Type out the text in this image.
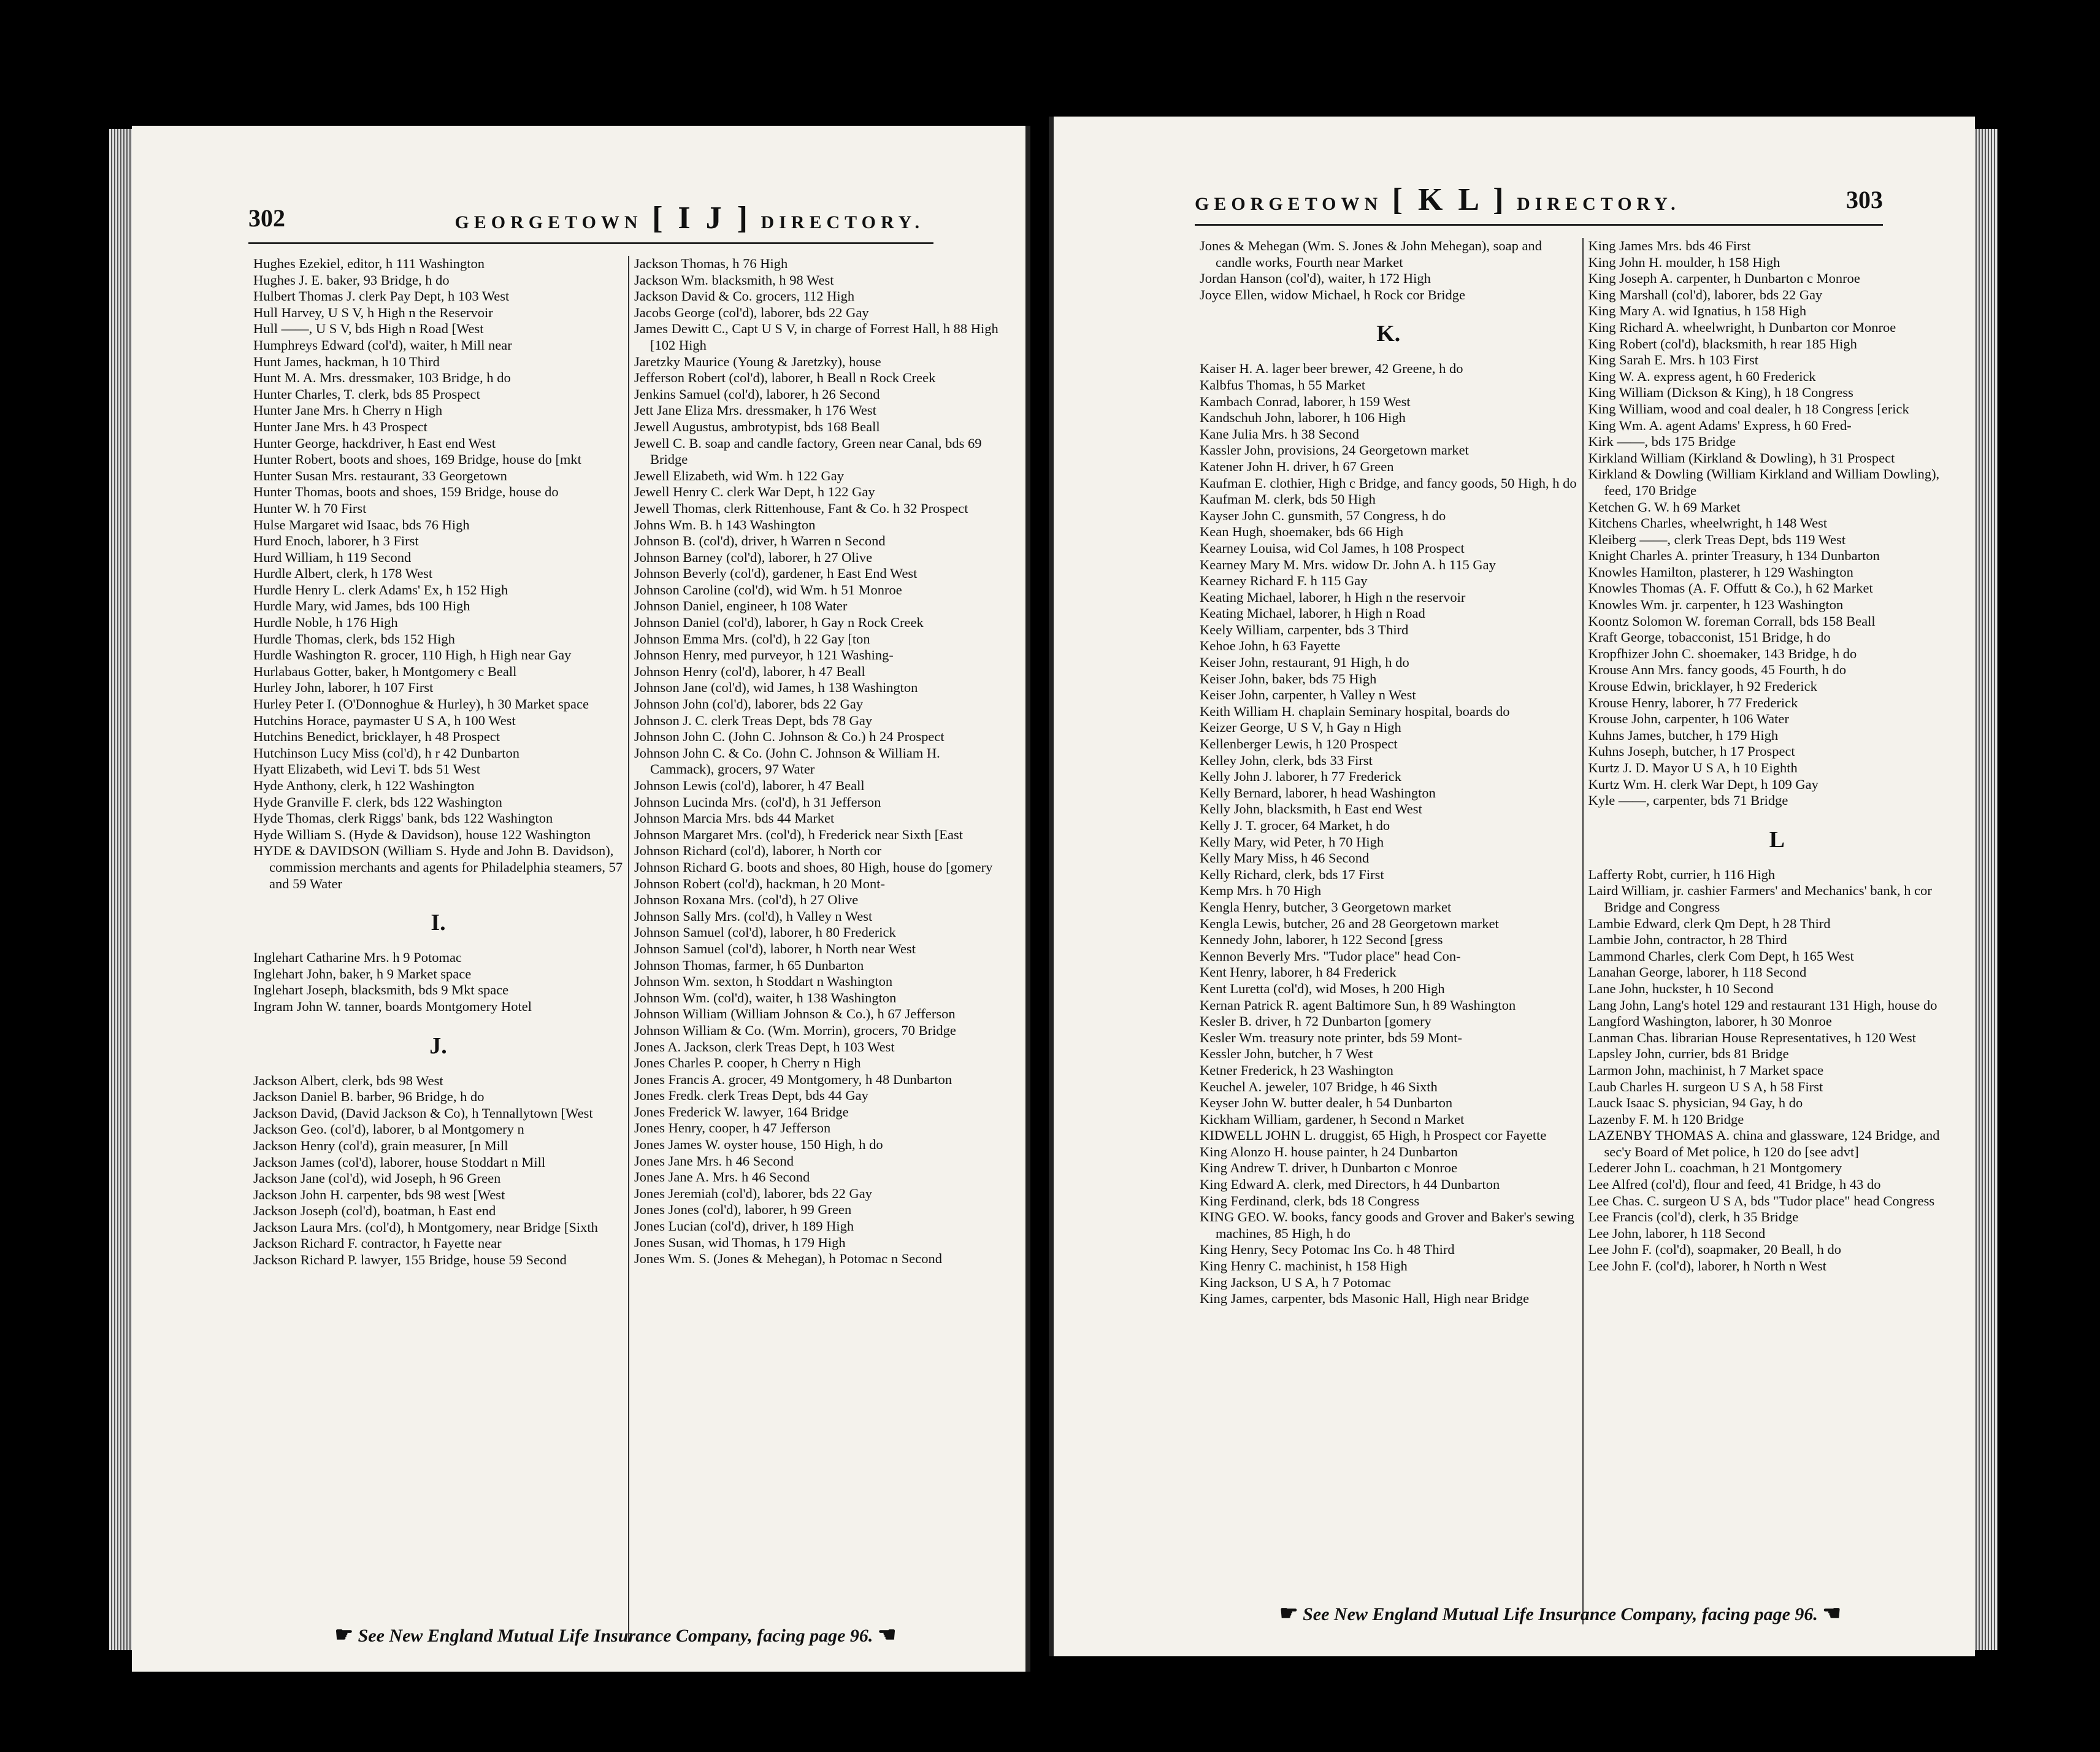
302	GEORGETOWN [ I J ] DIRECTORY.
Hughes Ezekiel, editor, h 111 Washington
Hughes J. E. baker, 93 Bridge, h do
Hulbert Thomas J. clerk Pay Dept, h 103 West
Hull Harvey, U S V, h High n the Reservoir
Hull ——, U S V, bds High n Road [West
Humphreys Edward (col'd), waiter, h Mill near
Hunt James, hackman, h 10 Third
Hunt M. A. Mrs. dressmaker, 103 Bridge, h do
Hunter Charles, T. clerk, bds 85 Prospect
Hunter Jane Mrs. h Cherry n High
Hunter Jane Mrs. h 43 Prospect
Hunter George, hackdriver, h East end West
Hunter Robert, boots and shoes, 169 Bridge, house do [mkt
Hunter Susan Mrs. restaurant, 33 Georgetown
Hunter Thomas, boots and shoes, 159 Bridge, house do
Hunter W. h 70 First
Hulse Margaret wid Isaac, bds 76 High
Hurd Enoch, laborer, h 3 First
Hurd William, h 119 Second
Hurdle Albert, clerk, h 178 West
Hurdle Henry L. clerk Adams' Ex, h 152 High
Hurdle Mary, wid James, bds 100 High
Hurdle Noble, h 176 High
Hurdle Thomas, clerk, bds 152 High
Hurdle Washington R. grocer, 110 High, h High near Gay
Hurlabaus Gotter, baker, h Montgomery c Beall
Hurley John, laborer, h 107 First
Hurley Peter I. (O'Donnoghue & Hurley), h 30 Market space
Hutchins Horace, paymaster U S A, h 100 West
Hutchins Benedict, bricklayer, h 48 Prospect
Hutchinson Lucy Miss (col'd), h r 42 Dunbarton
Hyatt Elizabeth, wid Levi T. bds 51 West
Hyde Anthony, clerk, h 122 Washington
Hyde Granville F. clerk, bds 122 Washington
Hyde Thomas, clerk Riggs' bank, bds 122 Washington
Hyde William S. (Hyde & Davidson), house 122 Washington
HYDE & DAVIDSON (William S. Hyde and John B. Davidson), commission merchants and agents for Philadelphia steamers, 57 and 59 Water
I.
Inglehart Catharine Mrs. h 9 Potomac
Inglehart John, baker, h 9 Market space
Inglehart Joseph, blacksmith, bds 9 Mkt space
Ingram John W. tanner, boards Montgomery Hotel
J.
Jackson Albert, clerk, bds 98 West
Jackson Daniel B. barber, 96 Bridge, h do
Jackson David, (David Jackson & Co), h Tennallytown [West
Jackson Geo. (col'd), laborer, b al Montgomery n
Jackson Henry (col'd), grain measurer, [n Mill
Jackson James (col'd), laborer, house Stoddart n Mill
Jackson Jane (col'd), wid Joseph, h 96 Green
Jackson John H. carpenter, bds 98 west [West
Jackson Joseph (col'd), boatman, h East end
Jackson Laura Mrs. (col'd), h Montgomery, near Bridge [Sixth
Jackson Richard F. contractor, h Fayette near
Jackson Richard P. lawyer, 155 Bridge, house 59 Second
Jackson Thomas, h 76 High
Jackson Wm. blacksmith, h 98 West
Jackson David & Co. grocers, 112 High
Jacobs George (col'd), laborer, bds 22 Gay
James Dewitt C., Capt U S V, in charge of Forrest Hall, h 88 High [102 High
Jaretzky Maurice (Young & Jaretzky), house
Jefferson Robert (col'd), laborer, h Beall n Rock Creek
Jenkins Samuel (col'd), laborer, h 26 Second
Jett Jane Eliza Mrs. dressmaker, h 176 West
Jewell Augustus, ambrotypist, bds 168 Beall
Jewell C. B. soap and candle factory, Green near Canal, bds 69 Bridge
Jewell Elizabeth, wid Wm. h 122 Gay
Jewell Henry C. clerk War Dept, h 122 Gay
Jewell Thomas, clerk Rittenhouse, Fant & Co. h 32 Prospect
Johns Wm. B. h 143 Washington
Johnson B. (col'd), driver, h Warren n Second
Johnson Barney (col'd), laborer, h 27 Olive
Johnson Beverly (col'd), gardener, h East End West
Johnson Caroline (col'd), wid Wm. h 51 Monroe
Johnson Daniel, engineer, h 108 Water
Johnson Daniel (col'd), laborer, h Gay n Rock Creek
Johnson Emma Mrs. (col'd), h 22 Gay [ton
Johnson Henry, med purveyor, h 121 Washing-
Johnson Henry (col'd), laborer, h 47 Beall
Johnson Jane (col'd), wid James, h 138 Washington
Johnson John (col'd), laborer, bds 22 Gay
Johnson J. C. clerk Treas Dept, bds 78 Gay
Johnson John C. (John C. Johnson & Co.) h 24 Prospect
Johnson John C. & Co. (John C. Johnson & William H. Cammack), grocers, 97 Water
Johnson Lewis (col'd), laborer, h 47 Beall
Johnson Lucinda Mrs. (col'd), h 31 Jefferson
Johnson Marcia Mrs. bds 44 Market
Johnson Margaret Mrs. (col'd), h Frederick near Sixth [East
Johnson Richard (col'd), laborer, h North cor
Johnson Richard G. boots and shoes, 80 High, house do [gomery
Johnson Robert (col'd), hackman, h 20 Mont-
Johnson Roxana Mrs. (col'd), h 27 Olive
Johnson Sally Mrs. (col'd), h Valley n West
Johnson Samuel (col'd), laborer, h 80 Frederick
Johnson Samuel (col'd), laborer, h North near West
Johnson Thomas, farmer, h 65 Dunbarton
Johnson Wm. sexton, h Stoddart n Washington
Johnson Wm. (col'd), waiter, h 138 Washington
Johnson William (William Johnson & Co.), h 67 Jefferson
Johnson William & Co. (Wm. Morrin), grocers, 70 Bridge
Jones A. Jackson, clerk Treas Dept, h 103 West
Jones Charles P. cooper, h Cherry n High
Jones Francis A. grocer, 49 Montgomery, h 48 Dunbarton
Jones Fredk. clerk Treas Dept, bds 44 Gay
Jones Frederick W. lawyer, 164 Bridge
Jones Henry, cooper, h 47 Jefferson
Jones James W. oyster house, 150 High, h do
Jones Jane Mrs. h 46 Second
Jones Jane A. Mrs. h 46 Second
Jones Jeremiah (col'd), laborer, bds 22 Gay
Jones Jones (col'd), laborer, h 99 Green
Jones Lucian (col'd), driver, h 189 High
Jones Susan, wid Thomas, h 179 High
Jones Wm. S. (Jones & Mehegan), h Potomac n Second
☛ See New England Mutual Life Insurance Company, facing page 96. ☚
GEORGETOWN [ K L ] DIRECTORY.	303
Jones & Mehegan (Wm. S. Jones & John Mehegan), soap and candle works, Fourth near Market
Jordan Hanson (col'd), waiter, h 172 High
Joyce Ellen, widow Michael, h Rock cor Bridge
K.
Kaiser H. A. lager beer brewer, 42 Greene, h do
Kalbfus Thomas, h 55 Market
Kambach Conrad, laborer, h 159 West
Kandschuh John, laborer, h 106 High
Kane Julia Mrs. h 38 Second
Kassler John, provisions, 24 Georgetown market
Katener John H. driver, h 67 Green
Kaufman E. clothier, High c Bridge, and fancy goods, 50 High, h do
Kaufman M. clerk, bds 50 High
Kayser John C. gunsmith, 57 Congress, h do
Kean Hugh, shoemaker, bds 66 High
Kearney Louisa, wid Col James, h 108 Prospect
Kearney Mary M. Mrs. widow Dr. John A. h 115 Gay
Kearney Richard F. h 115 Gay
Keating Michael, laborer, h High n the reservoir
Keating Michael, laborer, h High n Road
Keely William, carpenter, bds 3 Third
Kehoe John, h 63 Fayette
Keiser John, restaurant, 91 High, h do
Keiser John, baker, bds 75 High
Keiser John, carpenter, h Valley n West
Keith William H. chaplain Seminary hospital, boards do
Keizer George, U S V, h Gay n High
Kellenberger Lewis, h 120 Prospect
Kelley John, clerk, bds 33 First
Kelly John J. laborer, h 77 Frederick
Kelly Bernard, laborer, h head Washington
Kelly John, blacksmith, h East end West
Kelly J. T. grocer, 64 Market, h do
Kelly Mary, wid Peter, h 70 High
Kelly Mary Miss, h 46 Second
Kelly Richard, clerk, bds 17 First
Kemp Mrs. h 70 High
Kengla Henry, butcher, 3 Georgetown market
Kengla Lewis, butcher, 26 and 28 Georgetown market
Kennedy John, laborer, h 122 Second [gress
Kennon Beverly Mrs. "Tudor place" head Con-
Kent Henry, laborer, h 84 Frederick
Kent Luretta (col'd), wid Moses, h 200 High
Kernan Patrick R. agent Baltimore Sun, h 89 Washington
Kesler B. driver, h 72 Dunbarton [gomery
Kesler Wm. treasury note printer, bds 59 Mont-
Kessler John, butcher, h 7 West
Ketner Frederick, h 23 Washington
Keuchel A. jeweler, 107 Bridge, h 46 Sixth
Keyser John W. butter dealer, h 54 Dunbarton
Kickham William, gardener, h Second n Market
KIDWELL JOHN L. druggist, 65 High, h Prospect cor Fayette
King Alonzo H. house painter, h 24 Dunbarton
King Andrew T. driver, h Dunbarton c Monroe
King Edward A. clerk, med Directors, h 44 Dunbarton
King Ferdinand, clerk, bds 18 Congress
KING GEO. W. books, fancy goods and Grover and Baker's sewing machines, 85 High, h do
King Henry, Secy Potomac Ins Co. h 48 Third
King Henry C. machinist, h 158 High
King Jackson, U S A, h 7 Potomac
King James, carpenter, bds Masonic Hall, High near Bridge
King James Mrs. bds 46 First
King John H. moulder, h 158 High
King Joseph A. carpenter, h Dunbarton c Monroe
King Marshall (col'd), laborer, bds 22 Gay
King Mary A. wid Ignatius, h 158 High
King Richard A. wheelwright, h Dunbarton cor Monroe
King Robert (col'd), blacksmith, h rear 185 High
King Sarah E. Mrs. h 103 First
King W. A. express agent, h 60 Frederick
King William (Dickson & King), h 18 Congress
King William, wood and coal dealer, h 18 Congress [erick
King Wm. A. agent Adams' Express, h 60 Fred-
Kirk ——, bds 175 Bridge
Kirkland William (Kirkland & Dowling), h 31 Prospect
Kirkland & Dowling (William Kirkland and William Dowling), feed, 170 Bridge
Ketchen G. W. h 69 Market
Kitchens Charles, wheelwright, h 148 West
Kleiberg ——, clerk Treas Dept, bds 119 West
Knight Charles A. printer Treasury, h 134 Dunbarton
Knowles Hamilton, plasterer, h 129 Washington
Knowles Thomas (A. F. Offutt & Co.), h 62 Market
Knowles Wm. jr. carpenter, h 123 Washington
Koontz Solomon W. foreman Corrall, bds 158 Beall
Kraft George, tobacconist, 151 Bridge, h do
Kropfhizer John C. shoemaker, 143 Bridge, h do
Krouse Ann Mrs. fancy goods, 45 Fourth, h do
Krouse Edwin, bricklayer, h 92 Frederick
Krouse Henry, laborer, h 77 Frederick
Krouse John, carpenter, h 106 Water
Kuhns James, butcher, h 179 High
Kuhns Joseph, butcher, h 17 Prospect
Kurtz J. D. Mayor U S A, h 10 Eighth
Kurtz Wm. H. clerk War Dept, h 109 Gay
Kyle ——, carpenter, bds 71 Bridge
L
Lafferty Robt, currier, h 116 High
Laird William, jr. cashier Farmers' and Mechanics' bank, h cor Bridge and Congress
Lambie Edward, clerk Qm Dept, h 28 Third
Lambie John, contractor, h 28 Third
Lammond Charles, clerk Com Dept, h 165 West
Lanahan George, laborer, h 118 Second
Lane John, huckster, h 10 Second
Lang John, Lang's hotel 129 and restaurant 131 High, house do
Langford Washington, laborer, h 30 Monroe
Lanman Chas. librarian House Representatives, h 120 West
Lapsley John, currier, bds 81 Bridge
Larmon John, machinist, h 7 Market space
Laub Charles H. surgeon U S A, h 58 First
Lauck Isaac S. physician, 94 Gay, h do
Lazenby F. M. h 120 Bridge
LAZENBY THOMAS A. china and glassware, 124 Bridge, and sec'y Board of Met police, h 120 do [see advt]
Lederer John L. coachman, h 21 Montgomery
Lee Alfred (col'd), flour and feed, 41 Bridge, h 43 do
Lee Chas. C. surgeon U S A, bds "Tudor place" head Congress
Lee Francis (col'd), clerk, h 35 Bridge
Lee John, laborer, h 118 Second
Lee John F. (col'd), soapmaker, 20 Beall, h do
Lee John F. (col'd), laborer, h North n West
☛ See New England Mutual Life Insurance Company, facing page 96. ☚
